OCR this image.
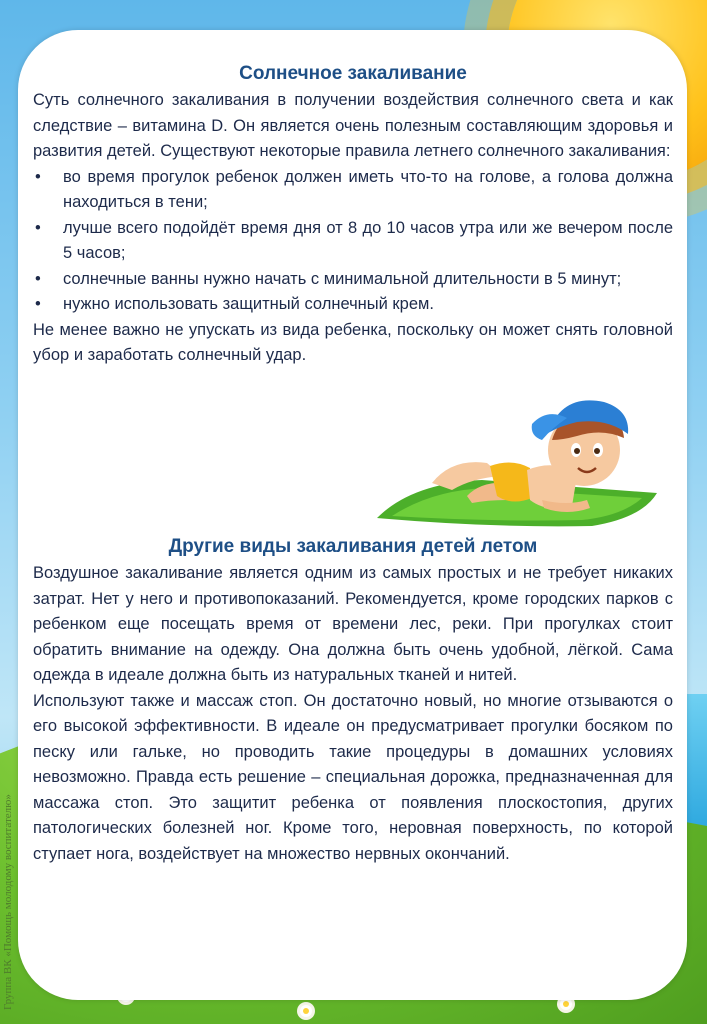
Группа ВК «Помощь молодому воспитателю»
Солнечное закаливание

Суть солнечного закаливания в получении воздействия солнечного света и как следствие – витамина D. Он является очень полезным составляющим здоровья и развития детей. Существуют некоторые правила летнего солнечного закаливания:

• во время прогулок ребенок должен иметь что-то на голове, а голова должна находиться в тени;
• лучше всего подойдёт время дня от 8 до 10 часов утра или же вечером после 5 часов;
• солнечные ванны нужно начать с минимальной длительности в 5 минут;
• нужно использовать защитный солнечный крем.

Не менее важно не упускать из вида ребенка, поскольку он может снять головной убор и заработать солнечный удар.

Другие виды закаливания детей летом

Воздушное закаливание является одним из самых простых и не требует никаких затрат. Нет у него и противопоказаний. Рекомендуется, кроме городских парков с ребенком еще посещать время от времени лес, реки. При прогулках стоит обратить внимание на одежду. Она должна быть очень удобной, лёгкой. Сама одежда в идеале должна быть из натуральных тканей и нитей.

Используют также и массаж стоп. Он достаточно новый, но многие отзываются о его высокой эффективности. В идеале он предусматривает прогулки босяком по песку или гальке, но проводить такие процедуры в домашних условиях невозможно. Правда есть решение – специальная дорожка, предназначенная для массажа стоп. Это защитит ребенка от появления плоскостопия, других патологических болезней ног. Кроме того, неровная поверхность, по которой ступает нога, воздействует на множество нервных окончаний.
